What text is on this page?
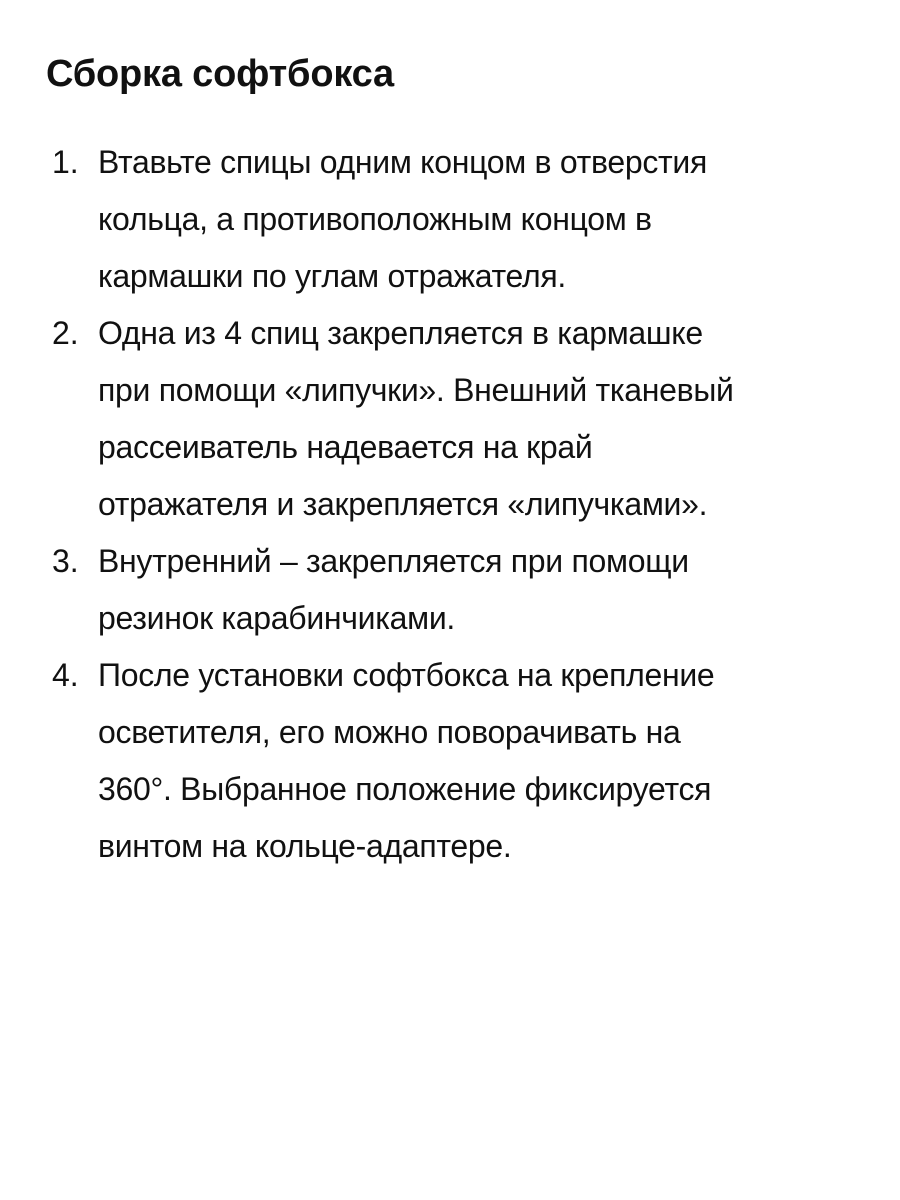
Сборка софтбокса
1. Втавьте спицы одним концом в отверстия
кольца, а противоположным концом в
кармашки по углам отражателя.
2. Одна из 4 спиц закрепляется в кармашке
при помощи «липучки». Внешний тканевый
рассеиватель надевается на край
отражателя и закрепляется «липучками».
3. Внутренний – закрепляется при помощи
резинок карабинчиками.
4. После установки софтбокса на крепление
осветителя, его можно поворачивать на
360°. Выбранное положение фиксируется
винтом на кольце-адаптере.
